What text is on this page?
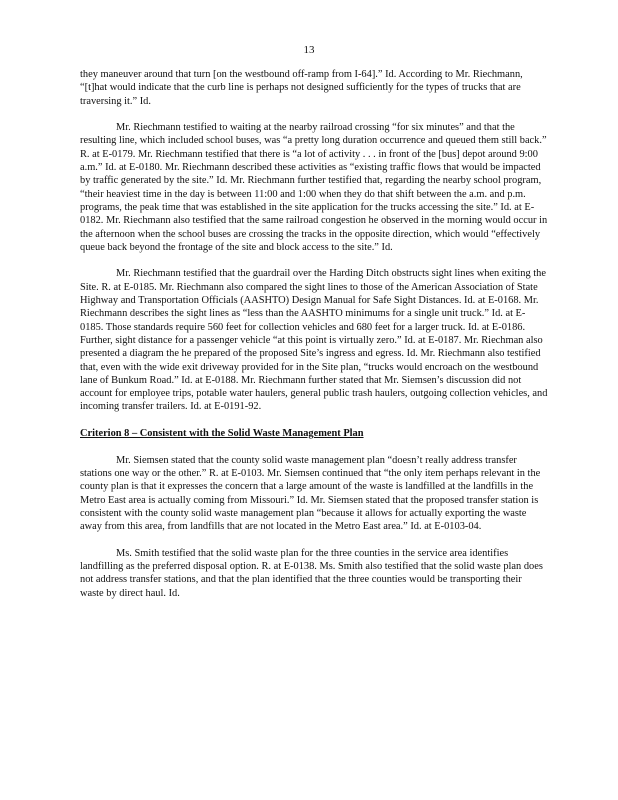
13

they maneuver around that turn [on the westbound off-ramp from I-64].” Id. According to Mr. Riechmann, “[t]hat would indicate that the curb line is perhaps not designed sufficiently for the types of trucks that are traversing it.” Id.

Mr. Riechmann testified to waiting at the nearby railroad crossing “for six minutes” and that the resulting line, which included school buses, was “a pretty long duration occurrence and queued them still back.” R. at E-0179. Mr. Riechmann testified that there is “a lot of activity . . . in front of the [bus] depot around 9:00 a.m.” Id. at E-0180. Mr. Riechmann described these activities as “existing traffic flows that would be impacted by traffic generated by the site.” Id. Mr. Riechmann further testified that, regarding the nearby school program, “their heaviest time in the day is between 11:00 and 1:00 when they do that shift between the a.m. and p.m. programs, the peak time that was established in the site application for the trucks accessing the site.” Id. at E-0182. Mr. Riechmann also testified that the same railroad congestion he observed in the morning would occur in the afternoon when the school buses are crossing the tracks in the opposite direction, which would “effectively queue back beyond the frontage of the site and block access to the site.” Id.

Mr. Riechmann testified that the guardrail over the Harding Ditch obstructs sight lines when exiting the Site. R. at E-0185. Mr. Riechmann also compared the sight lines to those of the American Association of State Highway and Transportation Officials (AASHTO) Design Manual for Safe Sight Distances. Id. at E-0168. Mr. Riechmann describes the sight lines as “less than the AASHTO minimums for a single unit truck.” Id. at E-0185. Those standards require 560 feet for collection vehicles and 680 feet for a larger truck. Id. at E-0186. Further, sight distance for a passenger vehicle “at this point is virtually zero.” Id. at E-0187. Mr. Riechman also presented a diagram the he prepared of the proposed Site’s ingress and egress. Id. Mr. Riechmann also testified that, even with the wide exit driveway provided for in the Site plan, “trucks would encroach on the westbound lane of Bunkum Road.” Id. at E-0188. Mr. Riechmann further stated that Mr. Siemsen’s discussion did not account for employee trips, potable water haulers, general public trash haulers, outgoing collection vehicles, and incoming transfer trailers. Id. at E-0191-92.

Criterion 8 – Consistent with the Solid Waste Management Plan

Mr. Siemsen stated that the county solid waste management plan “doesn’t really address transfer stations one way or the other.” R. at E-0103. Mr. Siemsen continued that “the only item perhaps relevant in the county plan is that it expresses the concern that a large amount of the waste is landfilled at the landfills in the Metro East area is actually coming from Missouri.” Id. Mr. Siemsen stated that the proposed transfer station is consistent with the county solid waste management plan “because it allows for actually exporting the waste away from this area, from landfills that are not located in the Metro East area.” Id. at E-0103-04.

Ms. Smith testified that the solid waste plan for the three counties in the service area identifies landfilling as the preferred disposal option. R. at E-0138. Ms. Smith also testified that the solid waste plan does not address transfer stations, and that the plan identified that the three counties would be transporting their waste by direct haul. Id.
